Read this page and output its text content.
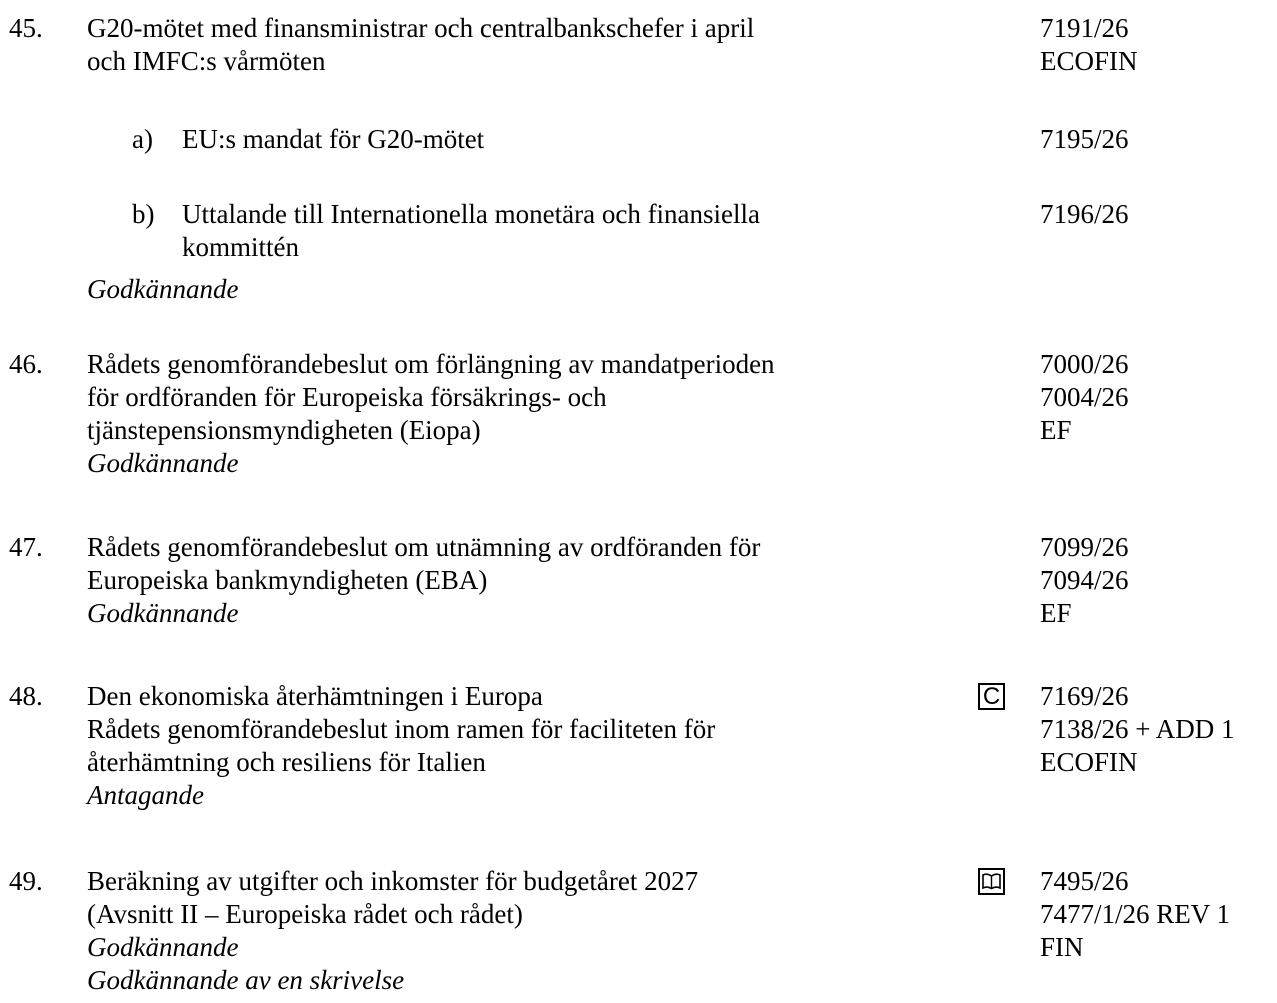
45. G20-mötet med finansministrar och centralbankschefer i april
och IMFC:s vårmöten
7191/26
ECOFIN
a) EU:s mandat för G20-mötet	7195/26
b) Uttalande till Internationella monetära och finansiella
kommittén
7196/26
Godkännande
46. Rådets genomförandebeslut om förlängning av mandatperioden
för ordföranden för Europeiska försäkrings- och
tjänstepensionsmyndigheten (Eiopa)
Godkännande
7000/26
7004/26
EF
47. Rådets genomförandebeslut om utnämning av ordföranden för
Europeiska bankmyndigheten (EBA)
Godkännande
7099/26
7094/26
EF
48. Den ekonomiska återhämtningen i Europa
Rådets genomförandebeslut inom ramen för faciliteten för
återhämtning och resiliens för Italien
Antagande
C 7169/26
7138/26 + ADD 1
ECOFIN
49. Beräkning av utgifter och inkomster för budgetåret 2027
(Avsnitt II – Europeiska rådet och rådet)
Godkännande
Godkännande av en skrivelse
7495/26
7477/1/26 REV 1
FIN
